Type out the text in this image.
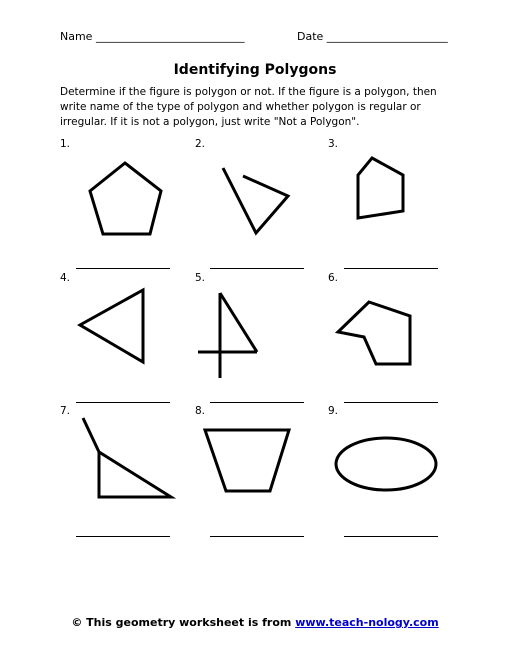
Name ___________________________	Date ______________________
Identifying Polygons
Determine if the figure is polygon or not. If the figure is a polygon, then write name of the type of polygon and whether polygon is regular or irregular. If it is not a polygon, just write "Not a Polygon".
1.	2.	3.
4.	5.	6.
7.	8.	9.
© This geometry worksheet is from www.teach-nology.com
